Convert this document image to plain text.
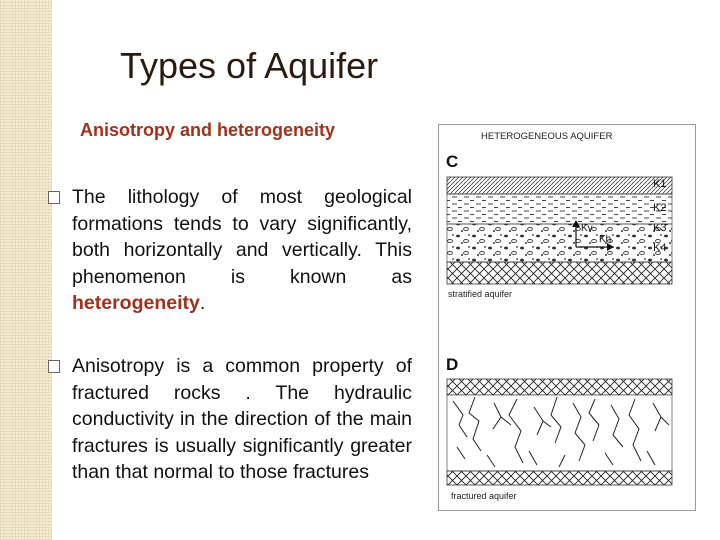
Types of Aquifer
Anisotropy and heterogeneity
The lithology of most geological formations tends to vary significantly, both horizontally and vertically. This phenomenon is known as heterogeneity.
Anisotropy is a common property of fractured rocks . The hydraulic conductivity in the direction of the main fractures is usually significantly greater than that normal to those fractures
HETEROGENEOUS AQUIFER
C
K1
K2
K3
K4
Kv
Kh
stratified aquifer
D
fractured aquifer
